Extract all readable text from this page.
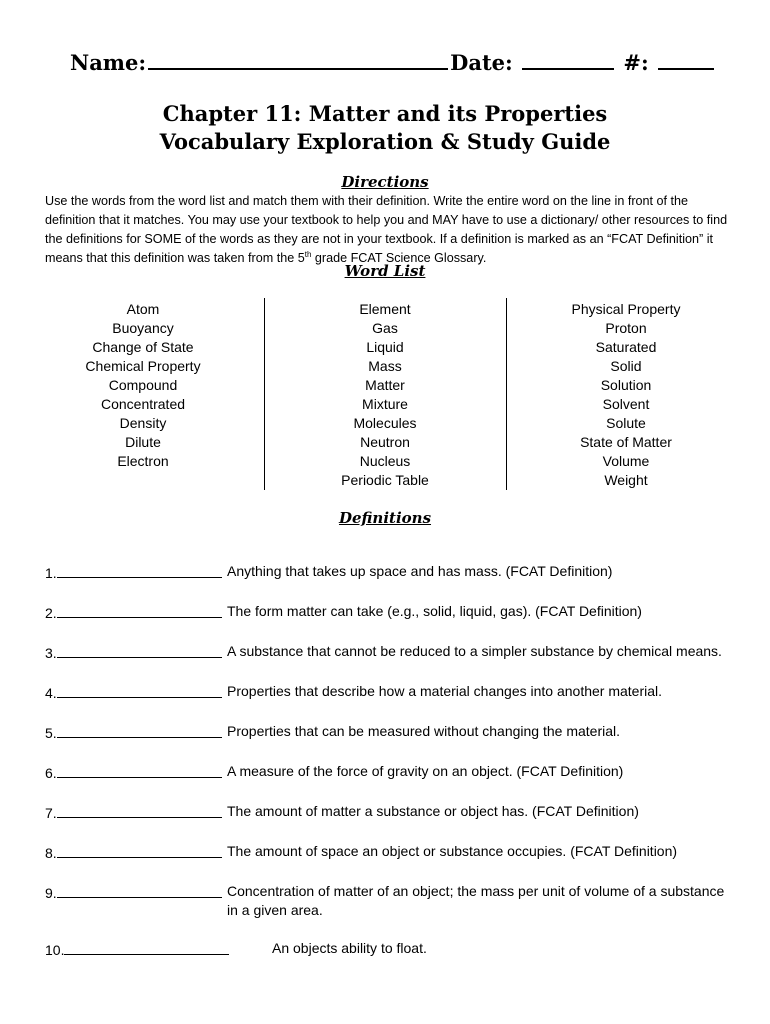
Name:	Date:	#:
Chapter 11: Matter and its Properties
Vocabulary Exploration & Study Guide
Directions
Use the words from the word list and match them with their definition. Write the entire word on the line in front of the definition that it matches. You may use your textbook to help you and MAY have to use a dictionary/ other resources to find the definitions for SOME of the words as they are not in your textbook. If a definition is marked as an “FCAT Definition” it means that this definition was taken from the 5th grade FCAT Science Glossary.
Word List
Atom
Buoyancy
Change of State
Chemical Property
Compound
Concentrated
Density
Dilute
Electron
Element
Gas
Liquid
Mass
Matter
Mixture
Molecules
Neutron
Nucleus
Periodic Table
Physical Property
Proton
Saturated
Solid
Solution
Solvent
Solute
State of Matter
Volume
Weight
Definitions
1.	Anything that takes up space and has mass. (FCAT Definition)
2.	The form matter can take (e.g., solid, liquid, gas). (FCAT Definition)
3.	A substance that cannot be reduced to a simpler substance by chemical means.
4.	Properties that describe how a material changes into another material.
5.	Properties that can be measured without changing the material.
6.	A measure of the force of gravity on an object. (FCAT Definition)
7.	The amount of matter a substance or object has. (FCAT Definition)
8.	The amount of space an object or substance occupies. (FCAT Definition)
9.	Concentration of matter of an object; the mass per unit of volume of a substance in a given area.
10.	An objects ability to float.
